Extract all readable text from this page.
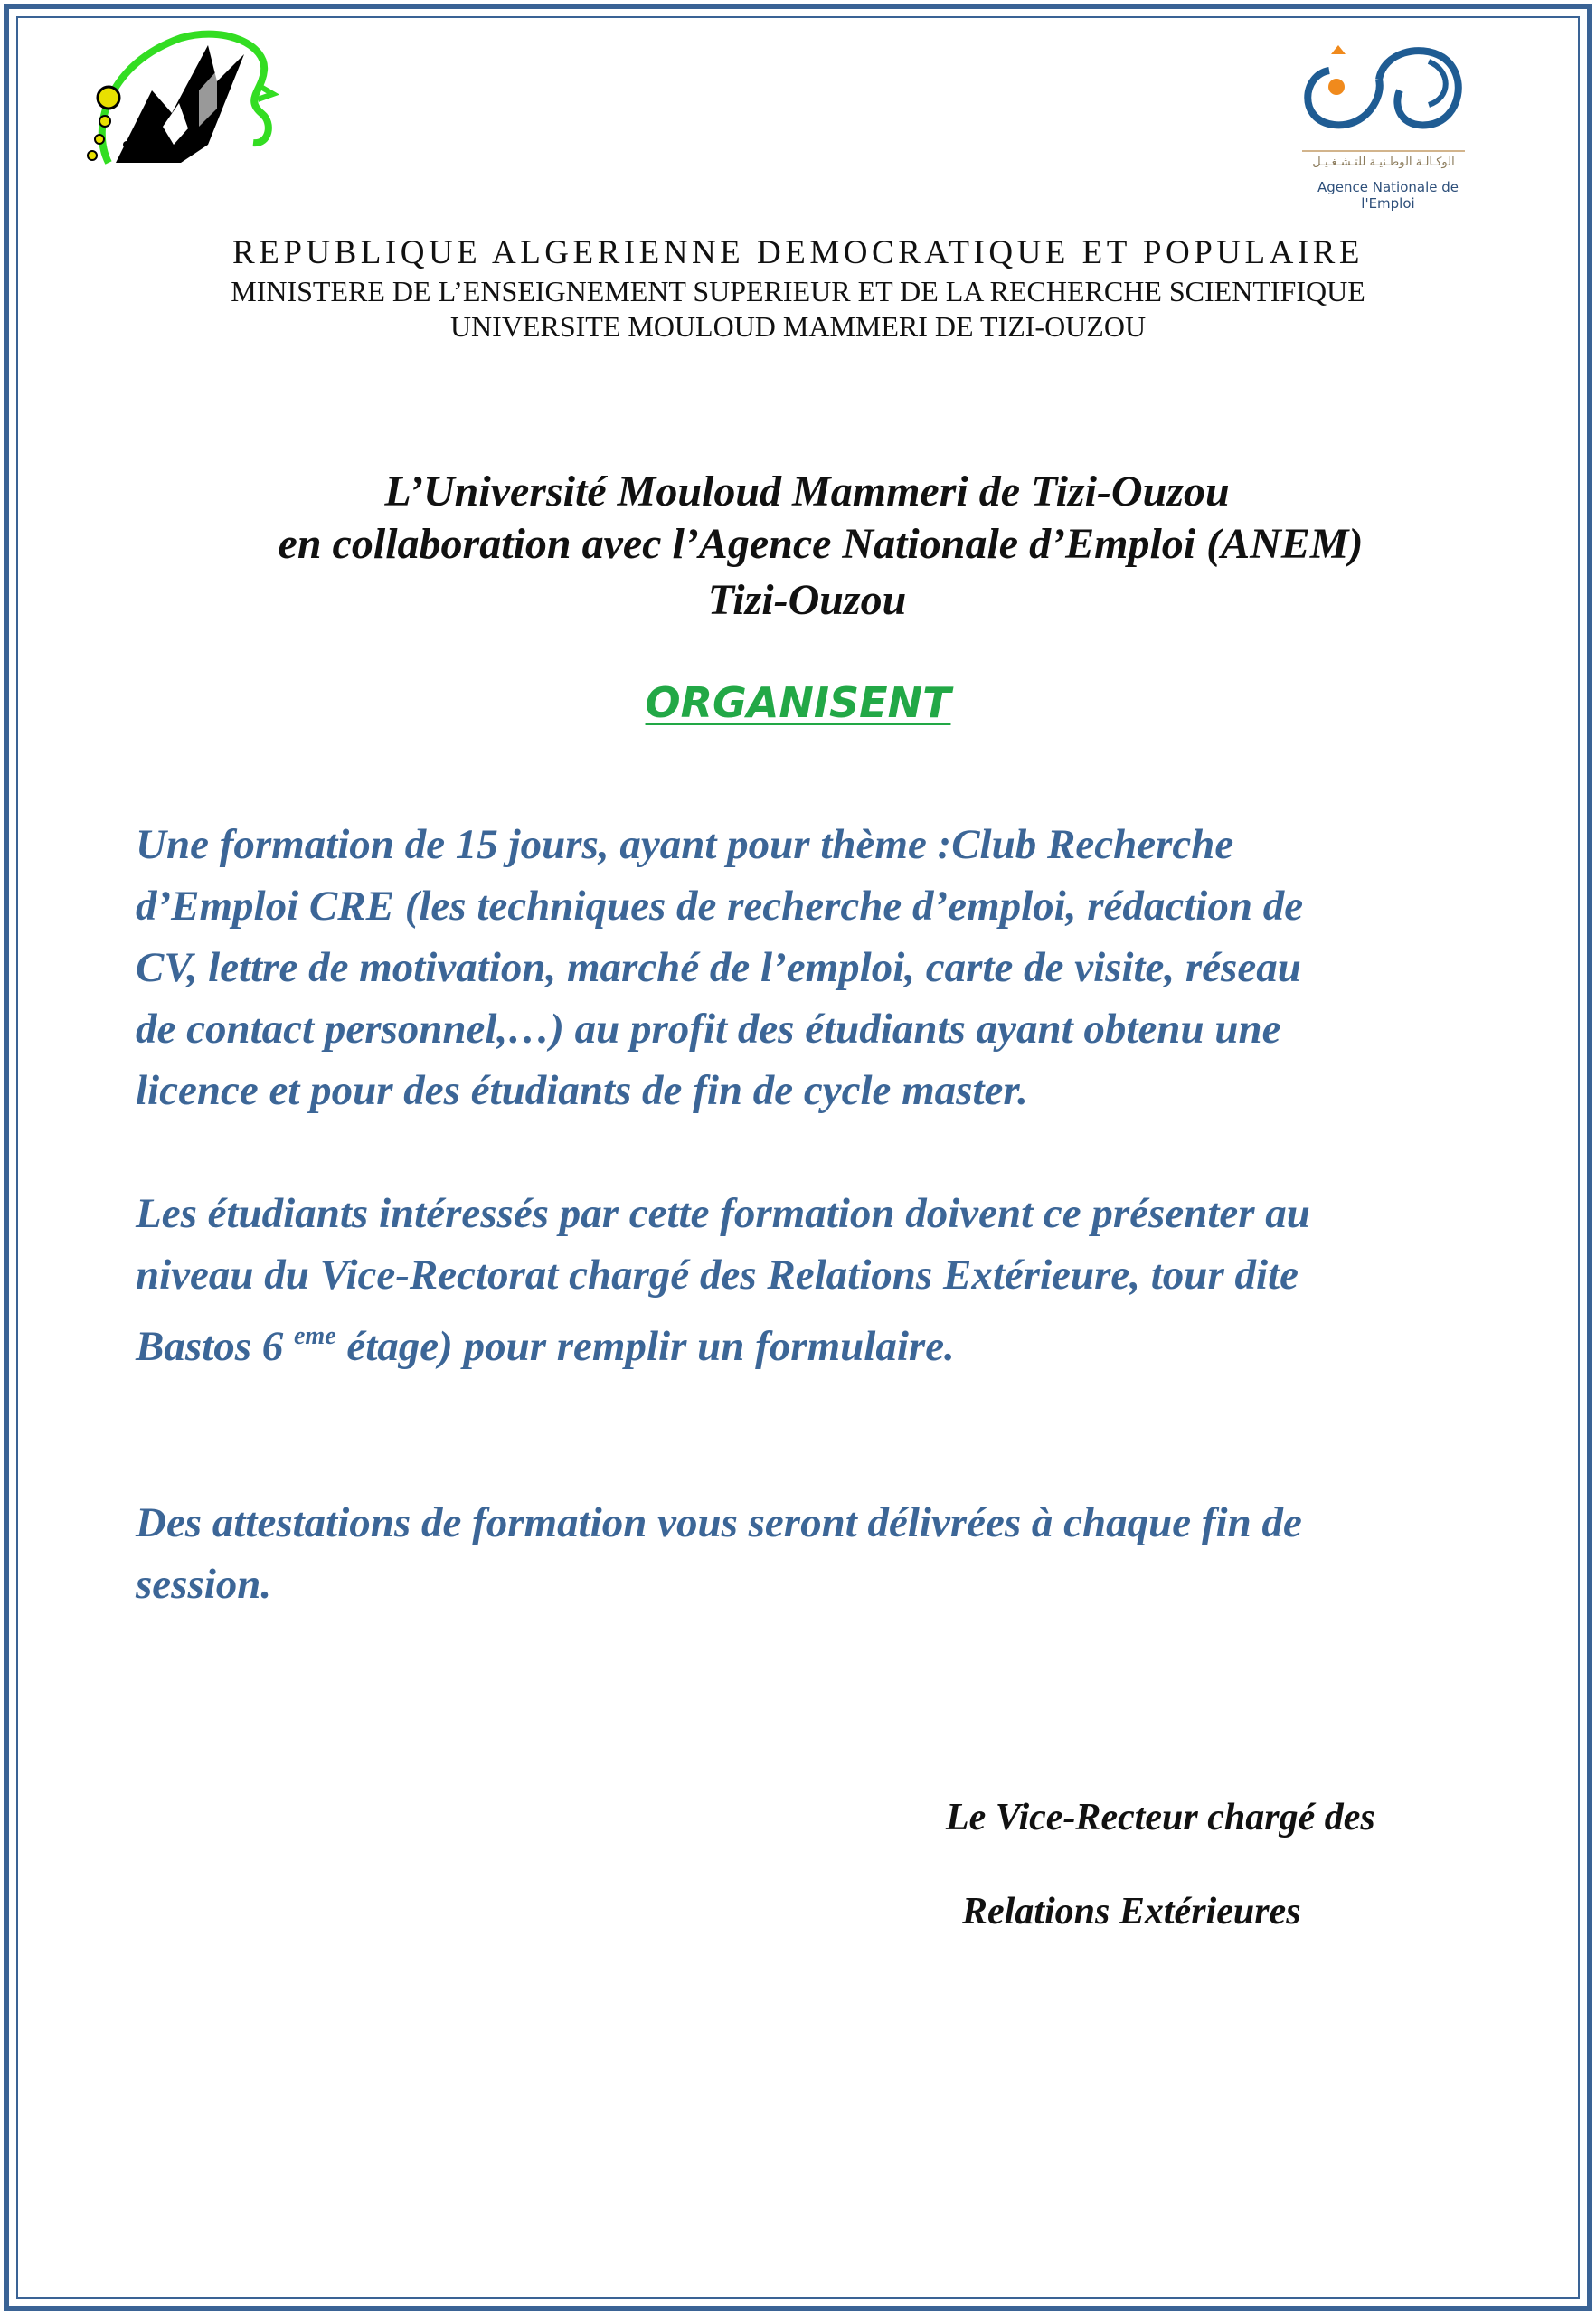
الوكـالـة الوطـنيـة للتـشـغـيـل
Agence Nationale de l'Emploi
REPUBLIQUE ALGERIENNE DEMOCRATIQUE ET POPULAIRE
MINISTERE DE L’ENSEIGNEMENT SUPERIEUR ET DE LA RECHERCHE SCIENTIFIQUE
UNIVERSITE MOULOUD MAMMERI DE TIZI-OUZOU
L’Université Mouloud Mammeri de Tizi-Ouzou
en collaboration avec l’Agence Nationale d’Emploi (ANEM)
Tizi-Ouzou
ORGANISENT
Une formation de 15 jours, ayant pour thème :Club Recherche
d’Emploi CRE (les techniques de recherche d’emploi, rédaction de
CV, lettre de motivation, marché de l’emploi, carte de visite, réseau
de contact personnel,…) au profit des étudiants ayant obtenu une
licence et pour des étudiants de fin de cycle master.
Les étudiants intéressés par cette formation doivent ce présenter au
niveau du Vice-Rectorat chargé des Relations Extérieure, tour dite
Bastos 6 $^{eme}$ étage) pour remplir un formulaire.
Des attestations de formation vous seront délivrées à chaque fin de
session.
Le Vice-Recteur chargé des
Relations Extérieures
